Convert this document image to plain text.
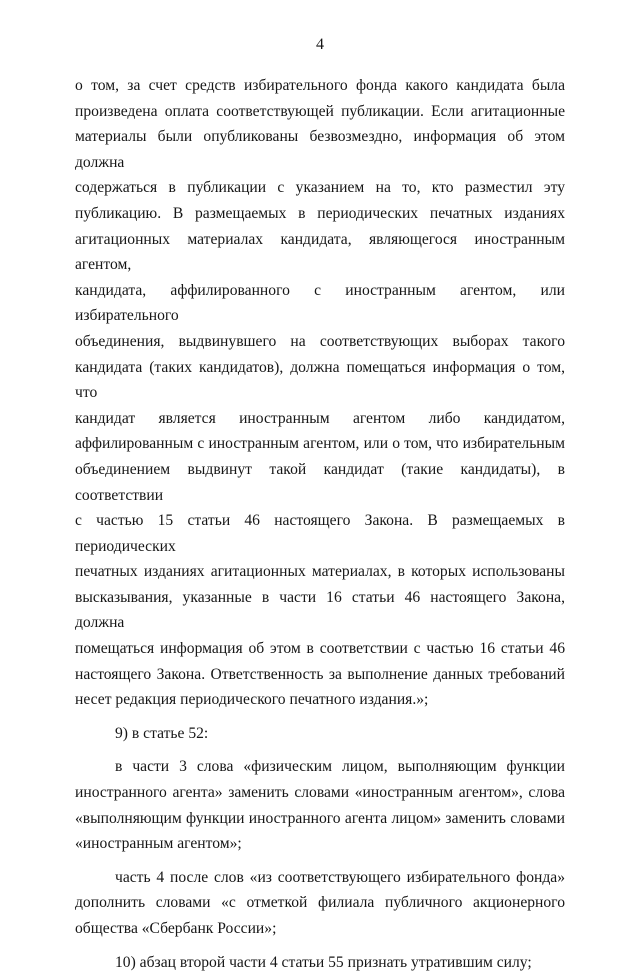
4

о том, за счет средств избирательного фонда какого кандидата была
произведена оплата соответствующей публикации. Если агитационные
материалы были опубликованы безвозмездно, информация об этом должна
содержаться в публикации с указанием на то, кто разместил эту
публикацию. В размещаемых в периодических печатных изданиях
агитационных материалах кандидата, являющегося иностранным агентом,
кандидата, аффилированного с иностранным агентом, или избирательного
объединения, выдвинувшего на соответствующих выборах такого
кандидата (таких кандидатов), должна помещаться информация о том, что
кандидат является иностранным агентом либо кандидатом,
аффилированным с иностранным агентом, или о том, что избирательным
объединением выдвинут такой кандидат (такие кандидаты), в соответствии
с частью 15 статьи 46 настоящего Закона. В размещаемых в периодических
печатных изданиях агитационных материалах, в которых использованы
высказывания, указанные в части 16 статьи 46 настоящего Закона, должна
помещаться информация об этом в соответствии с частью 16 статьи 46
настоящего Закона. Ответственность за выполнение данных требований
несет редакция периодического печатного издания.»;

9) в статье 52:

в части 3 слова «физическим лицом, выполняющим функции
иностранного агента» заменить словами «иностранным агентом», слова
«выполняющим функции иностранного агента лицом» заменить словами
«иностранным агентом»;

часть 4 после слов «из соответствующего избирательного фонда»
дополнить словами «с отметкой филиала публичного акционерного
общества «Сбербанк России»;

10) абзац второй части 4 статьи 55 признать утратившим силу;
